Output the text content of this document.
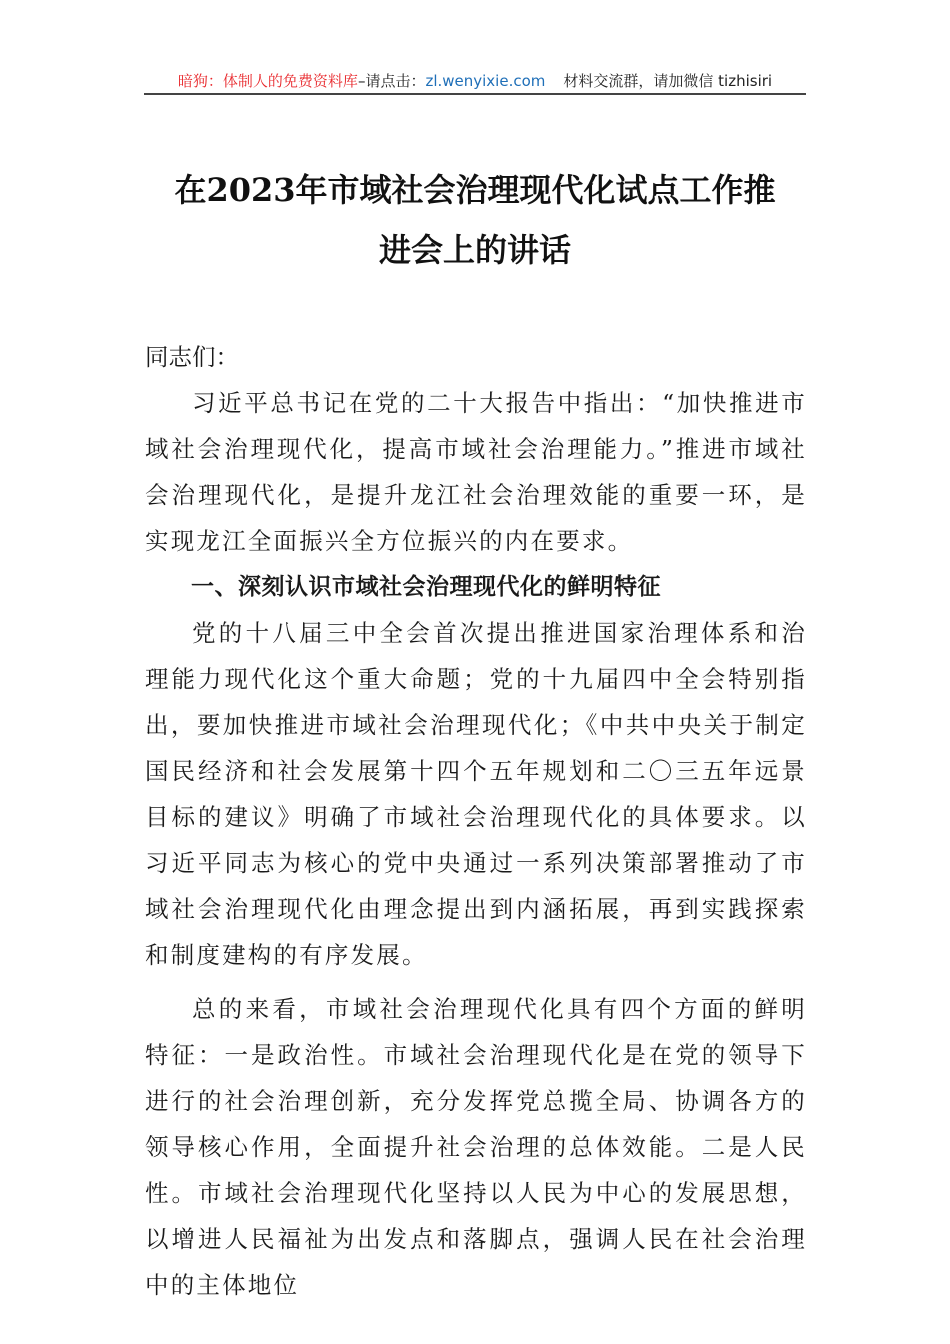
暗狗：体制人的免费资料库–请点击：zl.wenyixie.com 材料交流群，请加微信 tizhisiri
在2023年市域社会治理现代化试点工作推
进会上的讲话

同志们：

习近平总书记在党的二十大报告中指出：“加快推进市域社会治理现代化，提高市域社会治理能力。”推进市域社会治理现代化，是提升龙江社会治理效能的重要一环，是实现龙江全面振兴全方位振兴的内在要求。

一、深刻认识市域社会治理现代化的鲜明特征

党的十八届三中全会首次提出推进国家治理体系和治理能力现代化这个重大命题；党的十九届四中全会特别指出，要加快推进市域社会治理现代化；《中共中央关于制定国民经济和社会发展第十四个五年规划和二〇三五年远景目标的建议》明确了市域社会治理现代化的具体要求。以习近平同志为核心的党中央通过一系列决策部署推动了市域社会治理现代化由理念提出到内涵拓展，再到实践探索和制度建构的有序发展。

总的来看，市域社会治理现代化具有四个方面的鲜明特征：一是政治性。市域社会治理现代化是在党的领导下进行的社会治理创新，充分发挥党总揽全局、协调各方的领导核心作用，全面提升社会治理的总体效能。二是人民性。市域社会治理现代化坚持以人民为中心的发展思想，以增进人民福祉为出发点和落脚点，强调人民在社会治理中的主体地位
